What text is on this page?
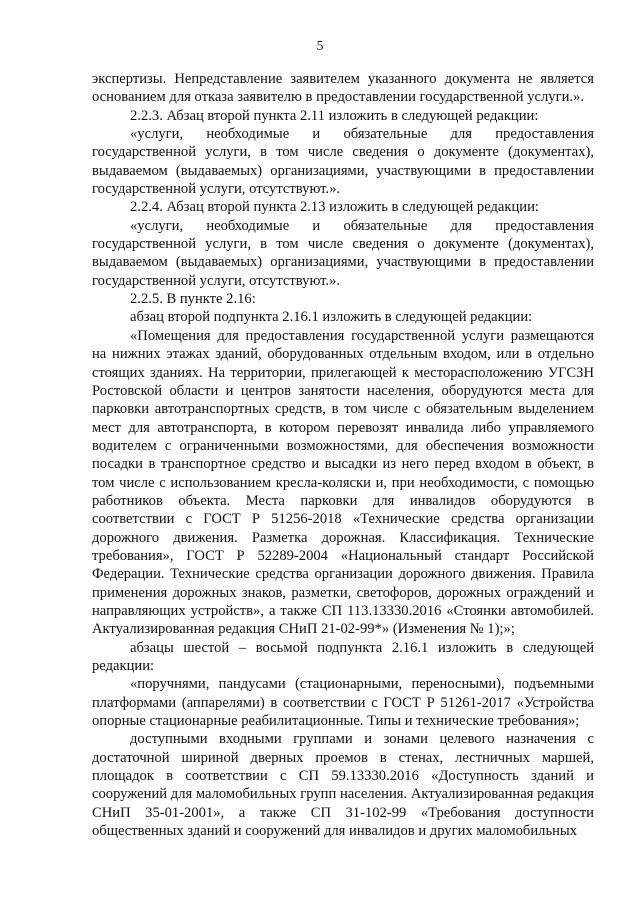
5

экспертизы. Непредставление заявителем указанного документа не является основанием для отказа заявителю в предоставлении государственной услуги.».

2.2.3. Абзац второй пункта 2.11 изложить в следующей редакции:

«услуги, необходимые и обязательные для предоставления государственной услуги, в том числе сведения о документе (документах), выдаваемом (выдаваемых) организациями, участвующими в предоставлении государственной услуги, отсутствуют.».

2.2.4. Абзац второй пункта 2.13 изложить в следующей редакции:

«услуги, необходимые и обязательные для предоставления государственной услуги, в том числе сведения о документе (документах), выдаваемом (выдаваемых) организациями, участвующими в предоставлении государственной услуги, отсутствуют.».

2.2.5. В пункте 2.16:

абзац второй подпункта 2.16.1 изложить в следующей редакции:

«Помещения для предоставления государственной услуги размещаются на нижних этажах зданий, оборудованных отдельным входом, или в отдельно стоящих зданиях. На территории, прилегающей к месторасположению УГСЗН Ростовской области и центров занятости населения, оборудуются места для парковки автотранспортных средств, в том числе с обязательным выделением мест для автотранспорта, в котором перевозят инвалида либо управляемого водителем с ограниченными возможностями, для обеспечения возможности посадки в транспортное средство и высадки из него перед входом в объект, в том числе с использованием кресла-коляски и, при необходимости, с помощью работников объекта. Места парковки для инвалидов оборудуются в соответствии с ГОСТ Р 51256-2018 «Технические средства организации дорожного движения. Разметка дорожная. Классификация. Технические требования», ГОСТ Р 52289-2004 «Национальный стандарт Российской Федерации. Технические средства организации дорожного движения. Правила применения дорожных знаков, разметки, светофоров, дорожных ограждений и направляющих устройств», а также СП 113.13330.2016 «Стоянки автомобилей. Актуализированная редакция СНиП 21-02-99*» (Изменения № 1);»;

абзацы шестой – восьмой подпункта 2.16.1 изложить в следующей редакции:

«поручнями, пандусами (стационарными, переносными), подъемными платформами (аппарелями) в соответствии с ГОСТ Р 51261-2017 «Устройства опорные стационарные реабилитационные. Типы и технические требования»;

доступными входными группами и зонами целевого назначения с достаточной шириной дверных проемов в стенах, лестничных маршей, площадок в соответствии с СП 59.13330.2016 «Доступность зданий и сооружений для маломобильных групп населения. Актуализированная редакция СНиП 35-01-2001», а также СП 31-102-99 «Требования доступности общественных зданий и сооружений для инвалидов и других маломобильных
